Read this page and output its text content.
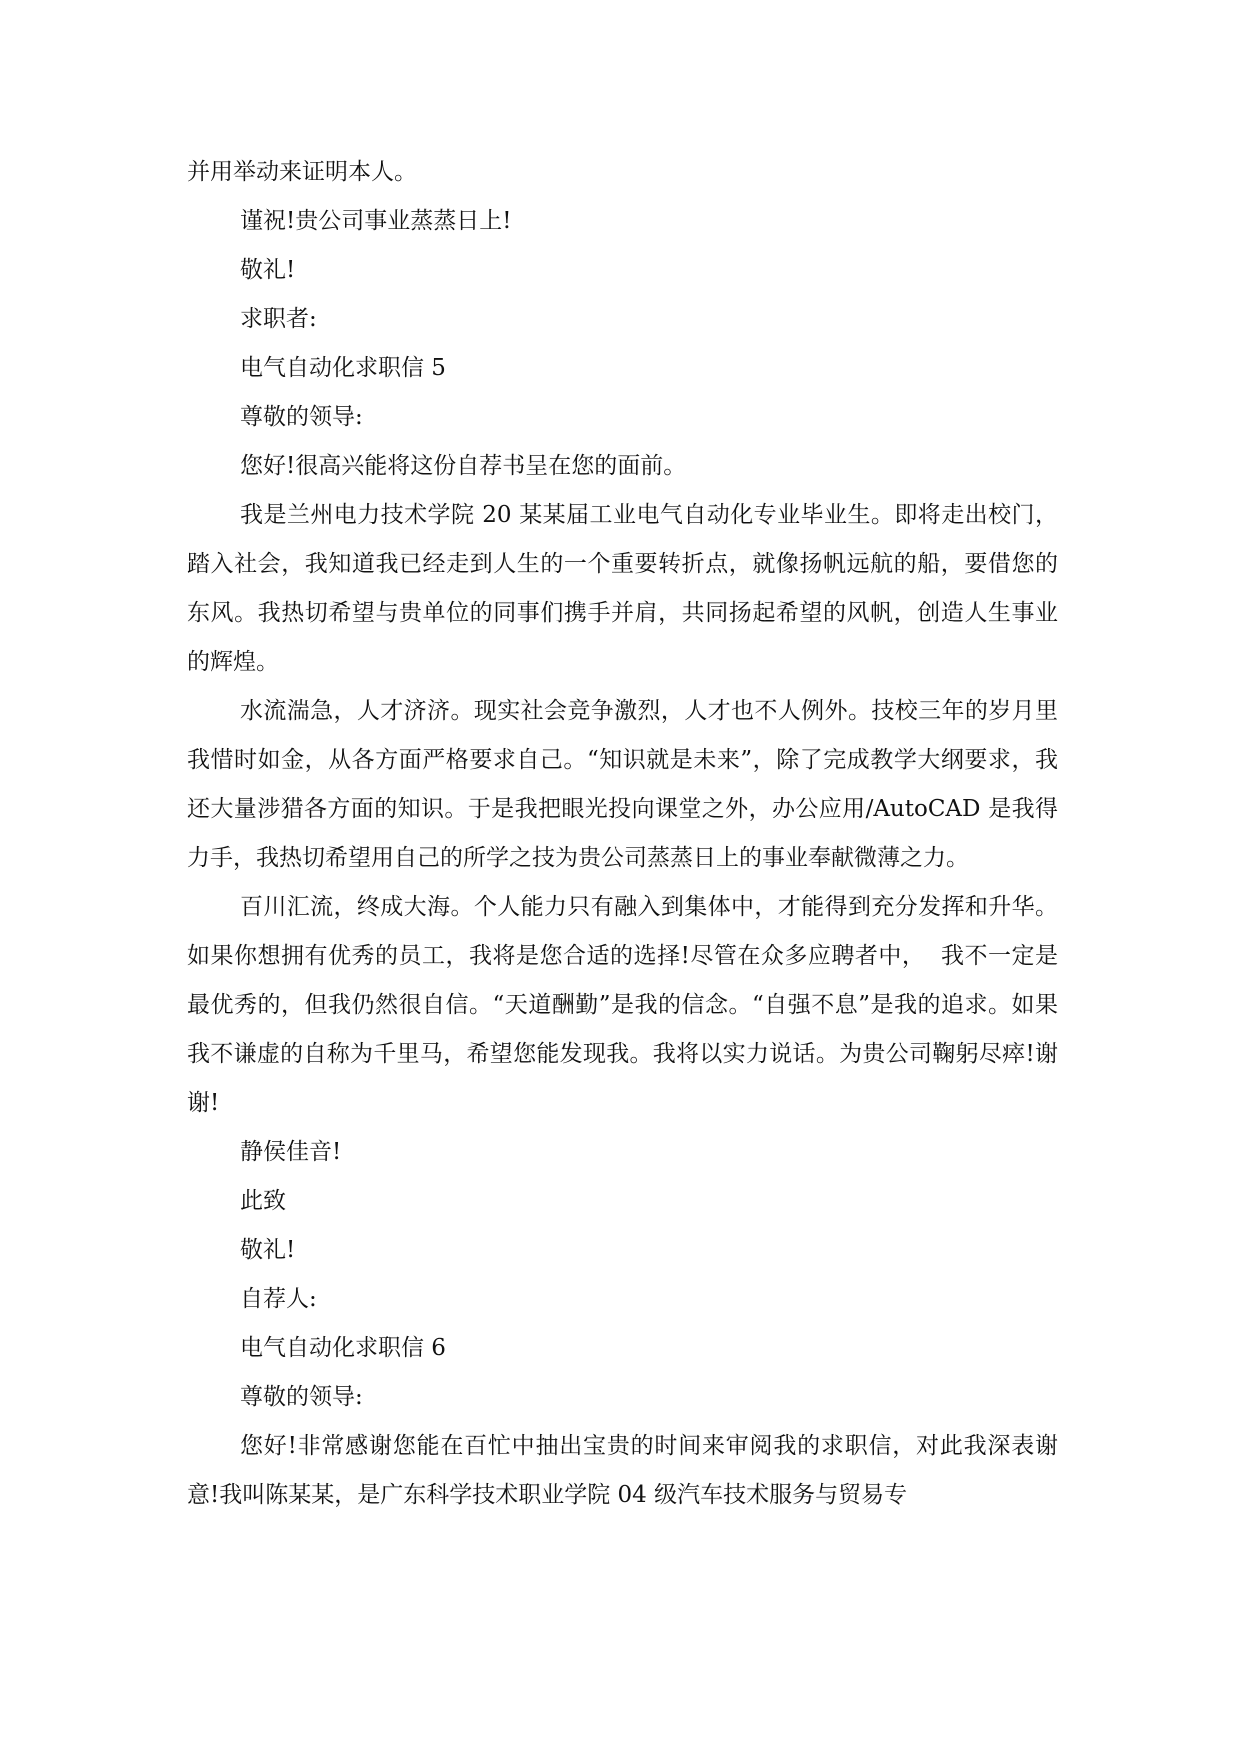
并用举动来证明本人。

谨祝!贵公司事业蒸蒸日上!

敬礼!

求职者:

电气自动化求职信 5

尊敬的领导:

您好!很高兴能将这份自荐书呈在您的面前。

我是兰州电力技术学院 20 某某届工业电气自动化专业毕业生。即将走出校门，踏入社会，我知道我已经走到人生的一个重要转折点，就像扬帆远航的船，要借您的东风。我热切希望与贵单位的同事们携手并肩，共同扬起希望的风帆，创造人生事业的辉煌。

水流湍急，人才济济。现实社会竞争激烈，人才也不人例外。技校三年的岁月里我惜时如金，从各方面严格要求自己。“知识就是未来”，除了完成教学大纲要求，我还大量涉猎各方面的知识。于是我把眼光投向课堂之外，办公应用/AutoCAD 是我得力手，我热切希望用自己的所学之技为贵公司蒸蒸日上的事业奉献微薄之力。

百川汇流，终成大海。个人能力只有融入到集体中，才能得到充分发挥和升华。如果你想拥有优秀的员工，我将是您合适的选择!尽管在众多应聘者中，  我不一定是最优秀的，但我仍然很自信。“天道酬勤”是我的信念。“自强不息”是我的追求。如果我不谦虚的自称为千里马，希望您能发现我。我将以实力说话。为贵公司鞠躬尽瘁!谢谢!

静侯佳音!

此致

敬礼!

自荐人:

电气自动化求职信 6

尊敬的领导:

您好!非常感谢您能在百忙中抽出宝贵的时间来审阅我的求职信，对此我深表谢意!我叫陈某某，是广东科学技术职业学院 04 级汽车技术服务与贸易专
